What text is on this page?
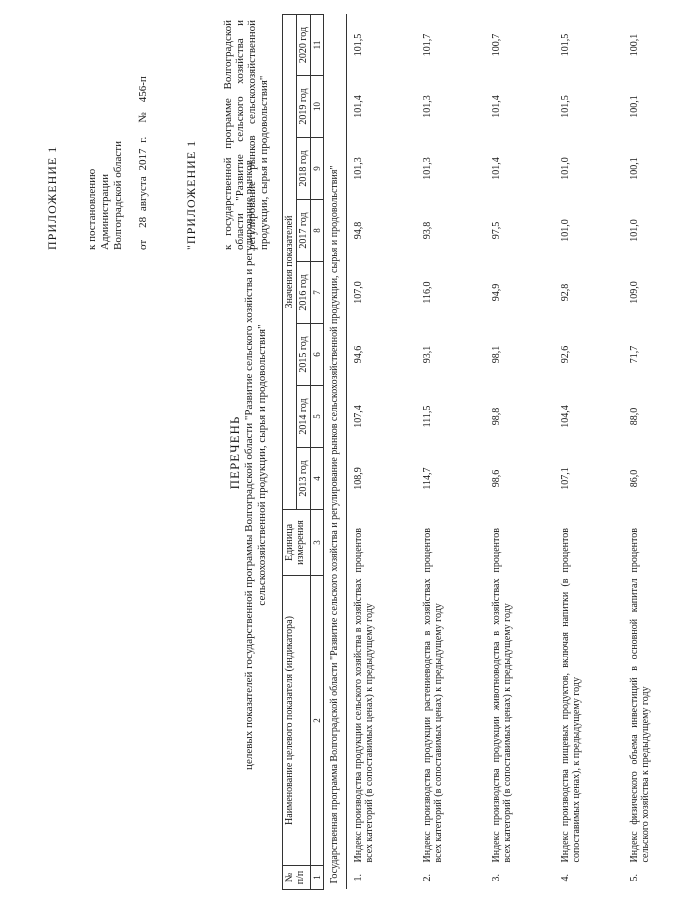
ПРИЛОЖЕНИЕ 1 к постановлению Администрации Волгоградской области от28 августа 2017 г.№456-п
"ПРИЛОЖЕНИЕ 1 к государственной программе Волгоградской области "Развитие сельского хозяйства и регулирование рынков сельскохозяйственной продукции, сырья и продовольствия"
ПЕРЕЧЕНЬ целевых показателей государственной программы Волгоградской области "Развитие сельского хозяйства и регулирование рынков сельскохозяйственной продукции, сырья и продовольствия"
№ п/п	Наименование целевого показателя (индикатора)	Единица измерения	Значения показателей							
			2013 год	2014 год	2015 год	2016 год	2017 год	2018 год	2019 год	2020 год
1	2	3	4	5	6	7	8	9	10	11
Государственная программа Волгоградской области "Развитие сельского хозяйства и регулирование рынков сельскохозяйственной продукции, сырья и продовольствия"										
1.	Индекс производства продукции сельского хозяйства в хозяйствах всех категорий (в сопоставимых ценах) к предыдущему году	процентов	108,9	107,4	94,6	107,0	94,8	101,3	101,4	101,5
2.	Индекс производства продукции растениеводства в хозяйствах всех категорий (в сопоставимых ценах) к предыдущему году	процентов	114,7	111,5	93,1	116,0	93,8	101,3	101,3	101,7
3.	Индекс производства продукции животноводства в хозяйствах всех категорий (в сопоставимых ценах) к предыдущему году	процентов	98,6	98,8	98,1	94,9	97,5	101,4	101,4	100,7
4.	Индекс производства пищевых продуктов, включая напитки (в сопоставимых ценах), к предыдущему году	процентов	107,1	104,4	92,6	92,8	101,0	101,0	101,5	101,5
5.	Индекс физического объема инвестиций в основной капитал сельского хозяйства к предыдущему году	процентов	86,0	88,0	71,7	109,0	101,0	100,1	100,1	100,1
